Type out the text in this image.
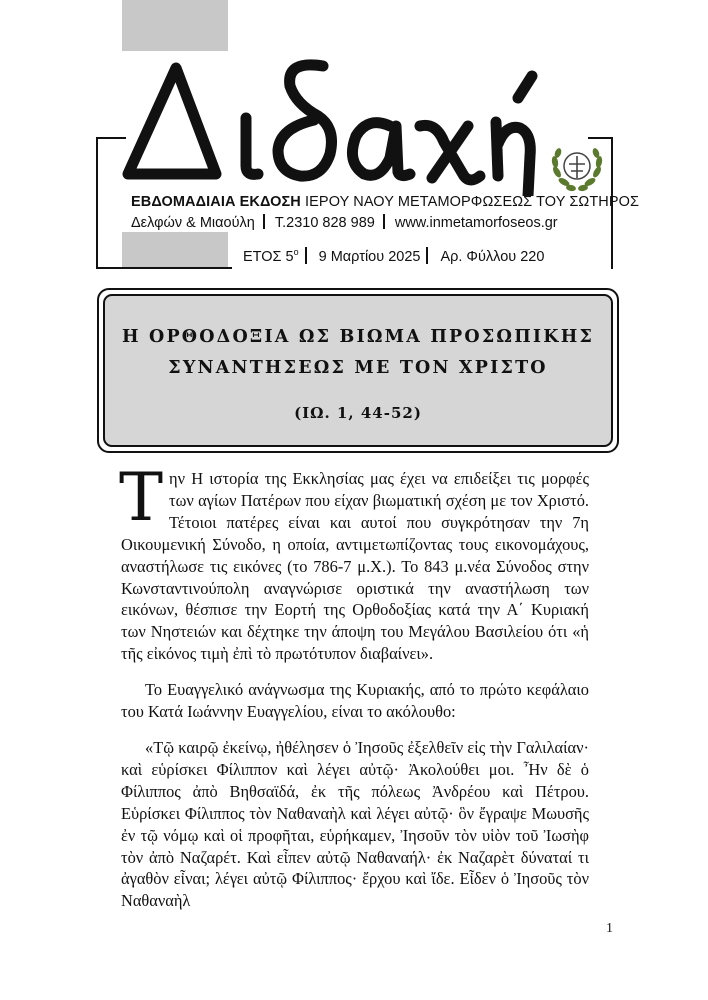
ΕΒΔΟΜΑΔΙΑΙΑ ΕΚΔΟΣΗ ΙΕΡΟΥ ΝΑΟΥ ΜΕΤΑΜΟΡΦΩΣΕΩΣ ΤΟΥ ΣΩΤΗΡΟΣ
Δελφών & Μιαούλη Τ.2310 828 989 www.inmetamorfoseos.gr
ΕΤΟΣ $5^o$ 9 Μαρτίου 2025 Αρ. Φύλλου 220
Η ΟΡΘΟΔΟΞΙΑ ΩΣ ΒΙΩΜΑ ΠΡΟΣΩΠΙΚΗΣ
ΣΥΝΑΝΤΗΣΕΩΣ ΜΕ ΤΟΝ ΧΡΙΣΤΟ
(ΙΩ. 1, 44-52)

Την Η ιστορία της Εκκλησίας μας έχει να επιδείξει τις μορφές των αγίων Πατέρων που είχαν βιωματική σχέση με τον Χριστό. Τέτοιοι πατέρες είναι και αυτοί που συγκρότησαν την 7η Οικουμενική Σύνοδο, η οποία, αντιμετωπίζοντας τους εικονομάχους, αναστήλωσε τις εικόνες (το 786-7 μ.Χ.). Το 843 μ.νέα Σύνοδος στην Κωνσταντινούπολη αναγνώρισε οριστικά την αναστήλωση των εικόνων, θέσπισε την Εορτή της Ορθοδοξίας κατά την Α΄ Κυριακή των Νηστειών και δέχτηκε την άποψη του Μεγάλου Βασιλείου ότι «ἡ τῆς εἰκόνος τιμὴ ἐπὶ τὸ πρωτότυπον διαβαίνει».

Το Ευαγγελικό ανάγνωσμα της Κυριακής, από το πρώτο κεφάλαιο του Κατά Ιωάννην Ευαγγελίου, είναι το ακόλουθο:

«Τῷ καιρῷ ἐκείνῳ, ἠθέλησεν ὁ Ἰησοῦς ἐξελθεῖν εἰς τὴν Γαλιλαίαν· καὶ εὑρίσκει Φίλιππον καὶ λέγει αὐτῷ· Ἀκολούθει μοι. Ἦν δὲ ὁ Φίλιππος ἀπὸ Βηθσαϊδά, ἐκ τῆς πόλεως Ἀνδρέου καὶ Πέτρου. Εὑρίσκει Φίλιππος τὸν Ναθαναὴλ καὶ λέγει αὐτῷ· ὃν ἔγραψε Μωυσῆς ἐν τῷ νόμῳ καὶ οἱ προφῆται, εὑρήκαμεν, Ἰησοῦν τὸν υἱὸν τοῦ Ἰωσὴφ τὸν ἀπὸ Ναζαρέτ. Καὶ εἶπεν αὐτῷ Ναθαναήλ· ἐκ Ναζαρὲτ δύναταί τι ἀγαθὸν εἶναι; λέγει αὐτῷ Φίλιππος· ἔρχου καὶ ἴδε. Εἶδεν ὁ Ἰησοῦς τὸν Ναθαναὴλ

1
